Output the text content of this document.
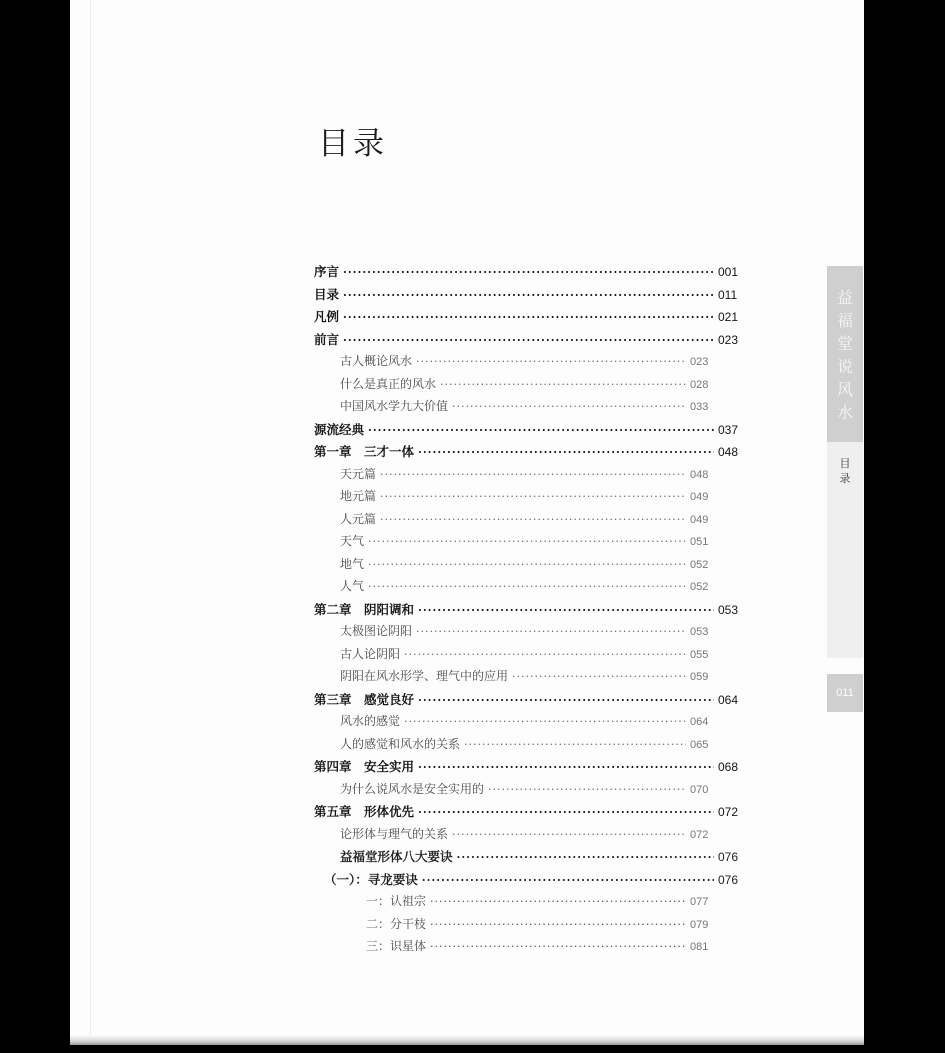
目录
序言 ·····	001
目录 ·····	011
凡例 ·····	021
前言 ·····	023
古人概论风水 ·····	023
什么是真正的风水 ·····	028
中国风水学九大价值 ·····	033
源流经典 ·····	037
第一章　三才一体 ·····	048
天元篇 ·····	048
地元篇 ·····	049
人元篇 ·····	049
天气 ·····	051
地气 ·····	052
人气 ·····	052
第二章　阴阳调和 ·····	053
太极图论阴阳 ·····	053
古人论阴阳 ·····	055
阴阳在风水形学、理气中的应用 ·····	059
第三章　感觉良好 ·····	064
风水的感觉 ·····	064
人的感觉和风水的关系 ·····	065
第四章　安全实用 ·····	068
为什么说风水是安全实用的 ·····	070
第五章　形体优先 ·····	072
论形体与理气的关系 ·····	072
益福堂形体八大要诀 ·····	076
（一）：寻龙要诀 ·····	076
一：认祖宗 ·····	077
二：分干枝 ·····	079
三：识星体 ·····	081
益
福
堂
说
风
水
目
录
011
